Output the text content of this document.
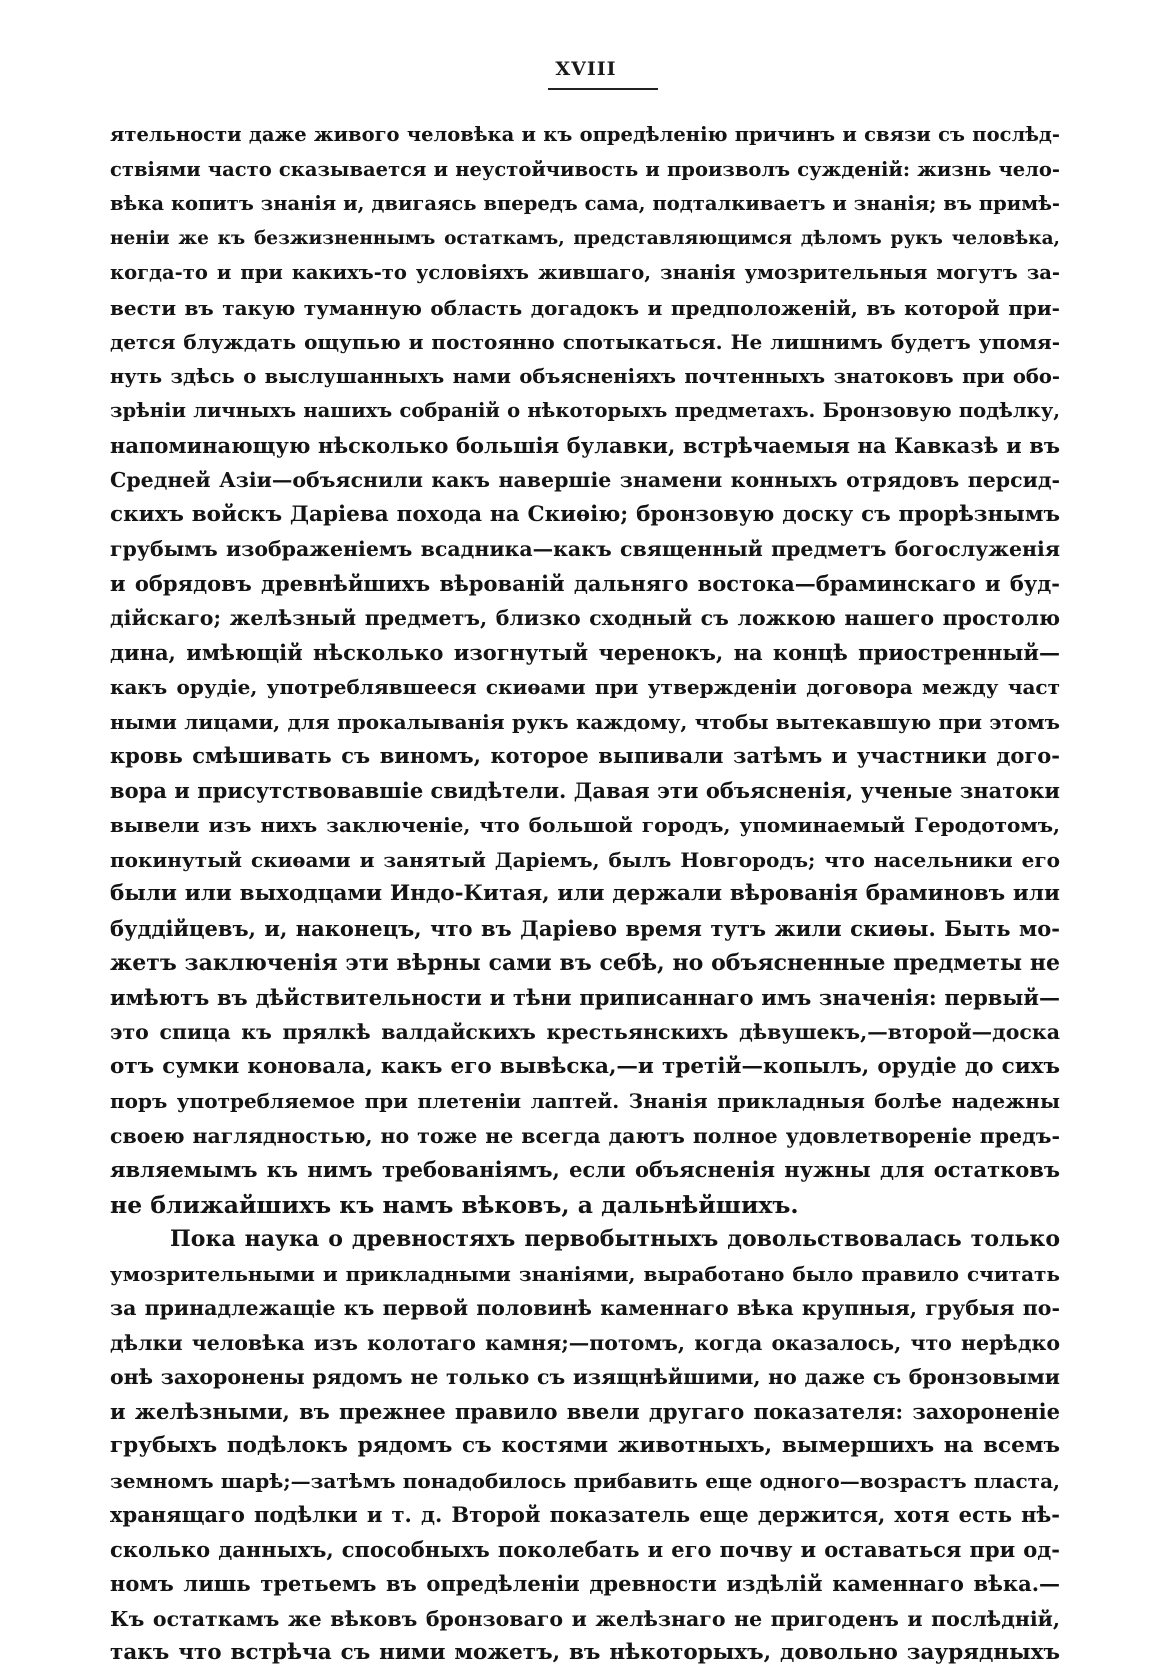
XVIII
ятельности даже живого человѣка и къ опредѣленію причинъ и связи съ послѣд-
ствіями часто сказывается и неустойчивость и произволъ сужденій: жизнь чело-
вѣка копитъ знанія и, двигаясь впередъ сама, подталкиваетъ и знанія; въ примѣ-
неніи же къ безжизненнымъ остаткамъ, представляющимся дѣломъ рукъ человѣка,
когда-то и при какихъ-то условіяхъ жившаго, знанія умозрительныя могутъ за-
вести въ такую туманную область догадокъ и предположеній, въ которой при-
дется блуждать ощупью и постоянно спотыкаться. Не лишнимъ будетъ упомя-
нуть здѣсь о выслушанныхъ нами объясненіяхъ почтенныхъ знатоковъ при обо-
зрѣніи личныхъ нашихъ собраній о нѣкоторыхъ предметахъ. Бронзовую подѣлку,
напоминающую нѣсколько большія булавки, встрѣчаемыя на Кавказѣ и въ
Средней Азіи—объяснили какъ навершіе знамени конныхъ отрядовъ персид-
скихъ войскъ Даріева похода на Скиѳію; бронзовую доску съ прорѣзнымъ
грубымъ изображеніемъ всадника—какъ священный предметъ богослуженія
и обрядовъ древнѣйшихъ вѣрованій дальняго востока—браминскаго и буд-
дійскаго; желѣзный предметъ, близко сходный съ ложкою нашего простолю
дина, имѣющій нѣсколько изогнутый черенокъ, на концѣ приостренный—
какъ орудіе, употреблявшееся скиѳами при утвержденіи договора между част
ными лицами, для прокалыванія рукъ каждому, чтобы вытекавшую при этомъ
кровь смѣшивать съ виномъ, которое выпивали затѣмъ и участники дого-
вора и присутствовавшіе свидѣтели. Давая эти объясненія, ученые знатоки
вывели изъ нихъ заключеніе, что большой городъ, упоминаемый Геродотомъ,
покинутый скиѳами и занятый Даріемъ, былъ Новгородъ; что насельники его
были или выходцами Индо-Китая, или держали вѣрованія браминовъ или
буддійцевъ, и, наконецъ, что въ Даріево время тутъ жили скиѳы. Быть мо-
жетъ заключенія эти вѣрны сами въ себѣ, но объясненные предметы не
имѣютъ въ дѣйствительности и тѣни приписаннаго имъ значенія: первый—
это спица къ прялкѣ валдайскихъ крестьянскихъ дѣвушекъ,—второй—доска
отъ сумки коновала, какъ его вывѣска,—и третій—копылъ, орудіе до сихъ
поръ употребляемое при плетеніи лаптей. Знанія прикладныя болѣе надежны
своею наглядностью, но тоже не всегда даютъ полное удовлетвореніе предъ-
являемымъ къ нимъ требованіямъ, если объясненія нужны для остатковъ
не ближайшихъ къ намъ вѣковъ, а дальнѣйшихъ.
Пока наука о древностяхъ первобытныхъ довольствовалась только
умозрительными и прикладными знаніями, выработано было правило считать
за принадлежащіе къ первой половинѣ каменнаго вѣка крупныя, грубыя по-
дѣлки человѣка изъ колотаго камня;—потомъ, когда оказалось, что нерѣдко
онѣ захоронены рядомъ не только съ изящнѣйшими, но даже съ бронзовыми
и желѣзными, въ прежнее правило ввели другаго показателя: захороненіе
грубыхъ подѣлокъ рядомъ съ костями животныхъ, вымершихъ на всемъ
земномъ шарѣ;—затѣмъ понадобилось прибавить еще одного—возрастъ пласта,
хранящаго подѣлки и т. д. Второй показатель еще держится, хотя есть нѣ-
сколько данныхъ, способныхъ поколебать и его почву и оставаться при од-
номъ лишь третьемъ въ опредѣленіи древности издѣлій каменнаго вѣка.—
Къ остаткамъ же вѣковъ бронзоваго и желѣзнаго не пригоденъ и послѣдній,
такъ что встрѣча съ ними можетъ, въ нѣкоторыхъ, довольно заурядныхъ
